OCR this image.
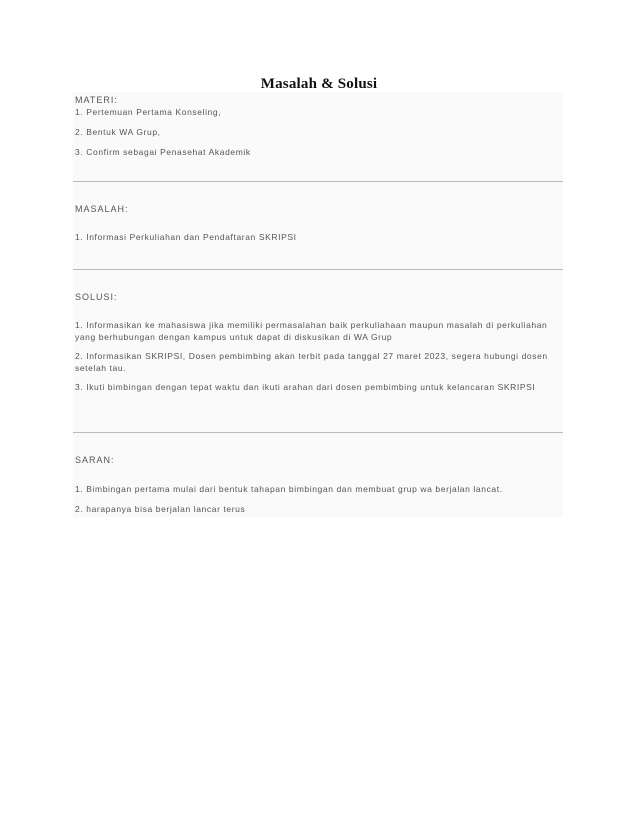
Masalah & Solusi
MATERI:
1. Pertemuan Pertama Konseling,
2. Bentuk WA Grup,
3. Confirm sebagai Penasehat Akademik
MASALAH:
1. Informasi Perkuliahan dan Pendaftaran SKRIPSI
SOLUSI:
1. Informasikan ke mahasiswa jika memiliki permasalahan baik perkuliahaan maupun masalah di perkuliahan yang berhubungan dengan kampus untuk dapat di diskusikan di WA Grup
2. Informasikan SKRIPSI, Dosen pembimbing akan terbit pada tanggal 27 maret 2023, segera hubungi dosen setelah tau.
3. Ikuti bimbingan dengan tepat waktu dan ikuti arahan dari dosen pembimbing untuk kelancaran SKRIPSI
SARAN:
1. Bimbingan pertama mulai dari bentuk tahapan bimbingan dan membuat grup wa berjalan lancat.
2. harapanya bisa berjalan lancar terus
